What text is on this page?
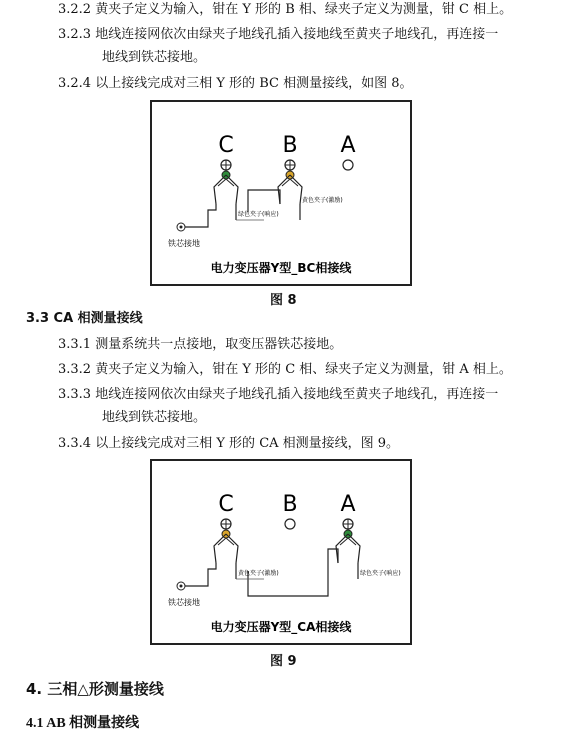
3.2.2 黄夹子定义为输入，钳在 Y 形的 B 相、绿夹子定义为测量，钳 C 相上。
3.2.3 地线连接网依次由绿夹子地线孔插入接地线至黄夹子地线孔，再连接一
地线到铁芯接地。
3.2.4 以上接线完成对三相 Y 形的 BC 相测量接线，如图 8。
C B A
铁芯接地
绿色夹子(响应)
黄色夹子(激励)
电力变压器Y型_BC相接线
图 8
3.3 CA 相测量接线
3.3.1 测量系统共一点接地，取变压器铁芯接地。
3.3.2 黄夹子定义为输入，钳在 Y 形的 C 相、绿夹子定义为测量，钳 A 相上。
3.3.3 地线连接网依次由绿夹子地线孔插入接地线至黄夹子地线孔，再连接一
地线到铁芯接地。
3.3.4 以上接线完成对三相 Y 形的 CA 相测量接线，图 9。
C B A
铁芯接地
黄色夹子(激励)	绿色夹子(响应)
电力变压器Y型_CA相接线
图 9
4. 三相△形测量接线
4.1 AB 相测量接线
